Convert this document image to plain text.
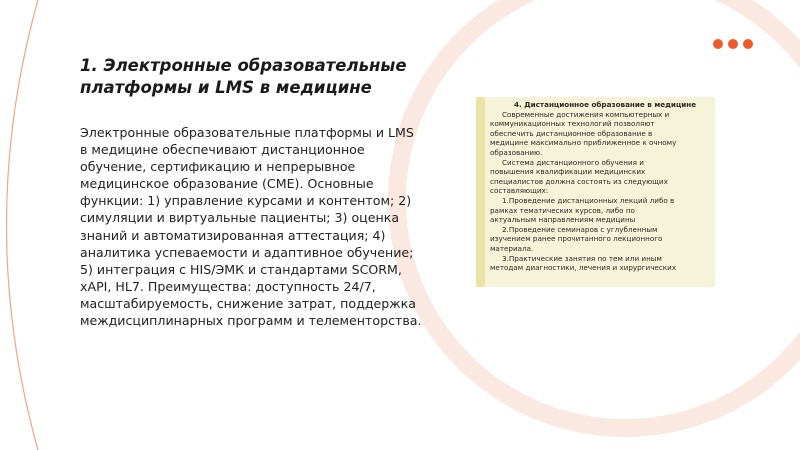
1. Электронные образовательные платформы и LMS в медицине

Электронные образовательные платформы и LMS в медицине обеспечивают дистанционное обучение, сертификацию и непрерывное медицинское образование (CME). Основные функции: 1) управление курсами и контентом; 2) симуляции и виртуальные пациенты; 3) оценка знаний и автоматизированная аттестация; 4) аналитика успеваемости и адаптивное обучение; 5) интеграция с HIS/ЭМК и стандартами SCORM, xAPI, HL7. Преимущества: доступность 24/7, масштабируемость, снижение затрат, поддержка междисциплинарных программ и телементорства.

4. Дистанционное образование в медицине
Современные достижения компьютерных и
коммуникационных технологий позволяют
обеспечить дистанционное образование в
медицине максимально приближенное к очному
образованию.
Система дистанционного обучения и
повышения квалификации медицинских
специалистов должна состоять из следующих
составляющих:
1.Проведение дистанционных лекций либо в
рамках тематических курсов, либо по
актуальным направлениям медицины
2.Проведение семинаров с углубленным
изучением ранее прочитанного лекционного
материала.
3.Практические занятия по тем или иным
методам диагностики, лечения и хирургических
